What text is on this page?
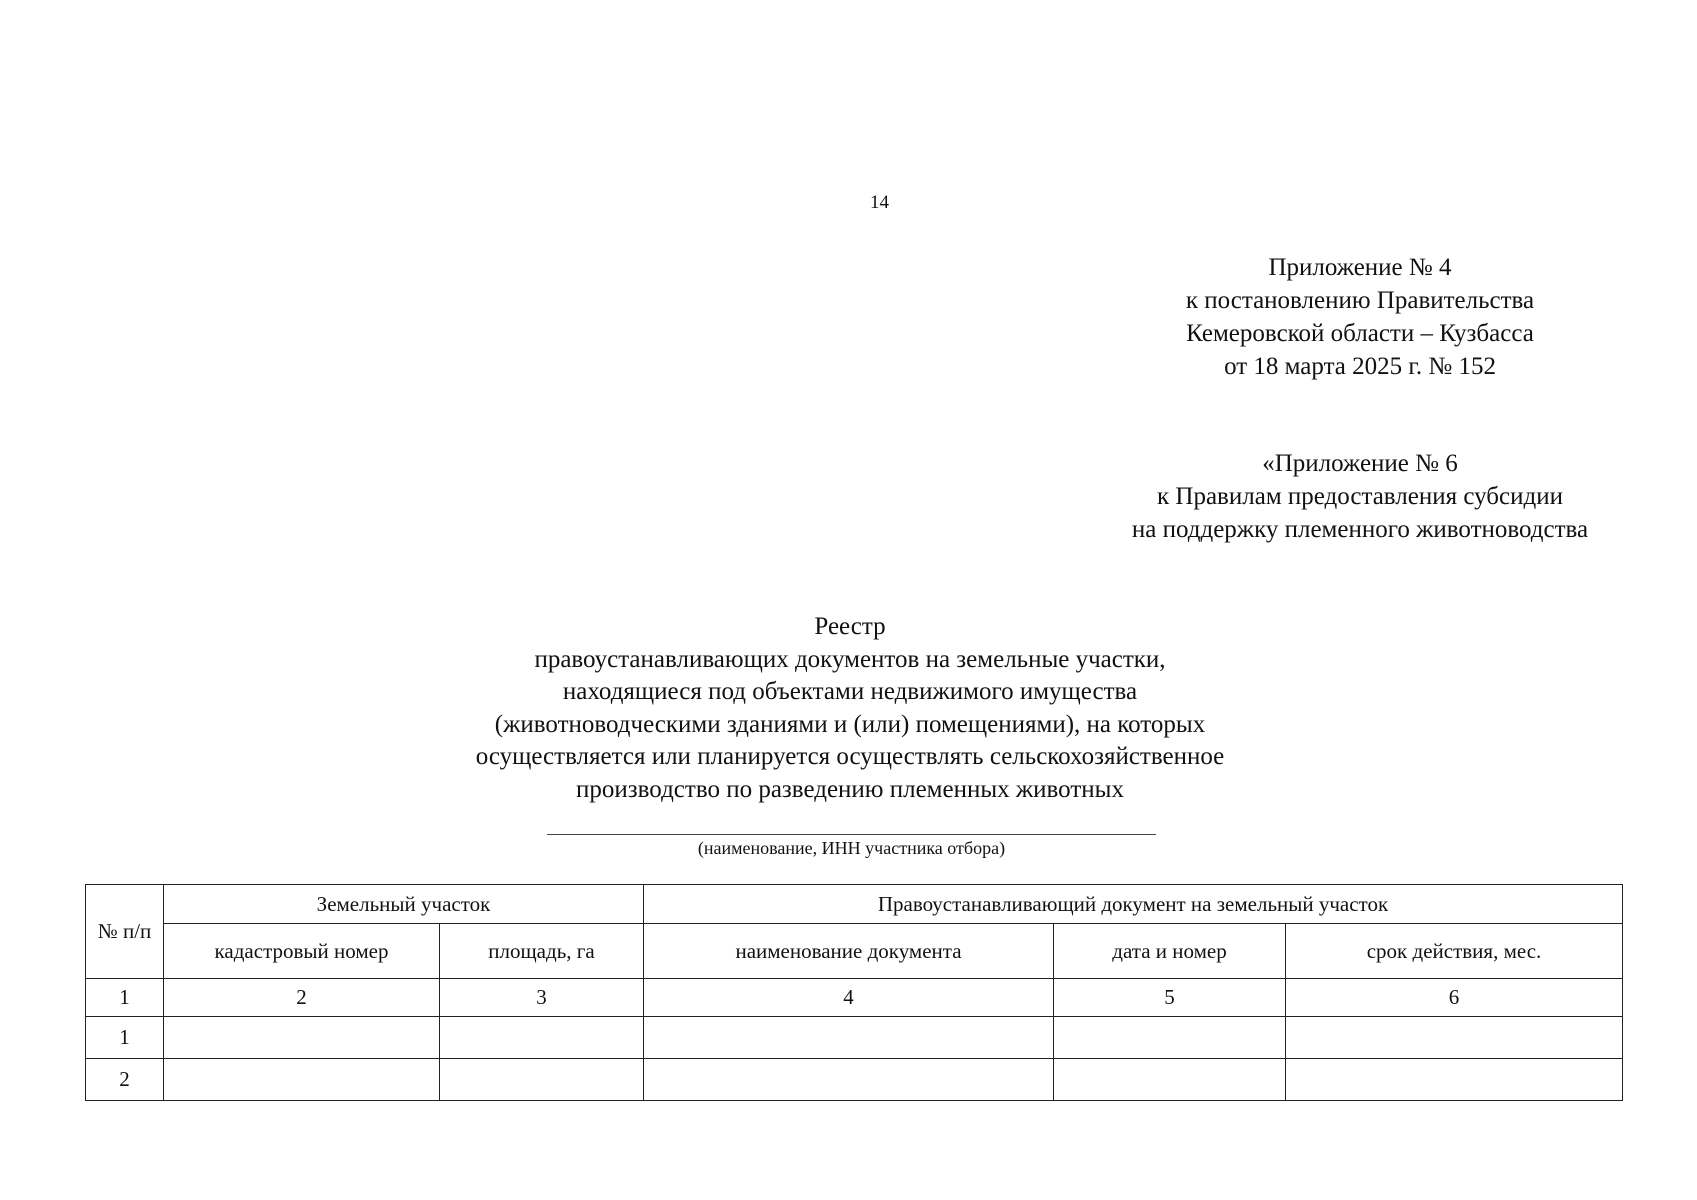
14
Приложение № 4
к постановлению Правительства
Кемеровской области – Кузбасса
от 18 марта 2025 г. № 152
«Приложение № 6
к Правилам предоставления субсидии
на поддержку племенного животноводства
Реестр
правоустанавливающих документов на земельные участки,
находящиеся под объектами недвижимого имущества
(животноводческими зданиями и (или) помещениями), на которых
осуществляется или планируется осуществлять сельскохозяйственное
производство по разведению племенных животных
(наименование, ИНН участника отбора)
№ п/п	Земельный участок		Правоустанавливающий документ на земельный участок		
	кадастровый номер	площадь, га	наименование документа	дата и номер	срок действия, мес.
1	2	3	4	5	6
1					
2					
